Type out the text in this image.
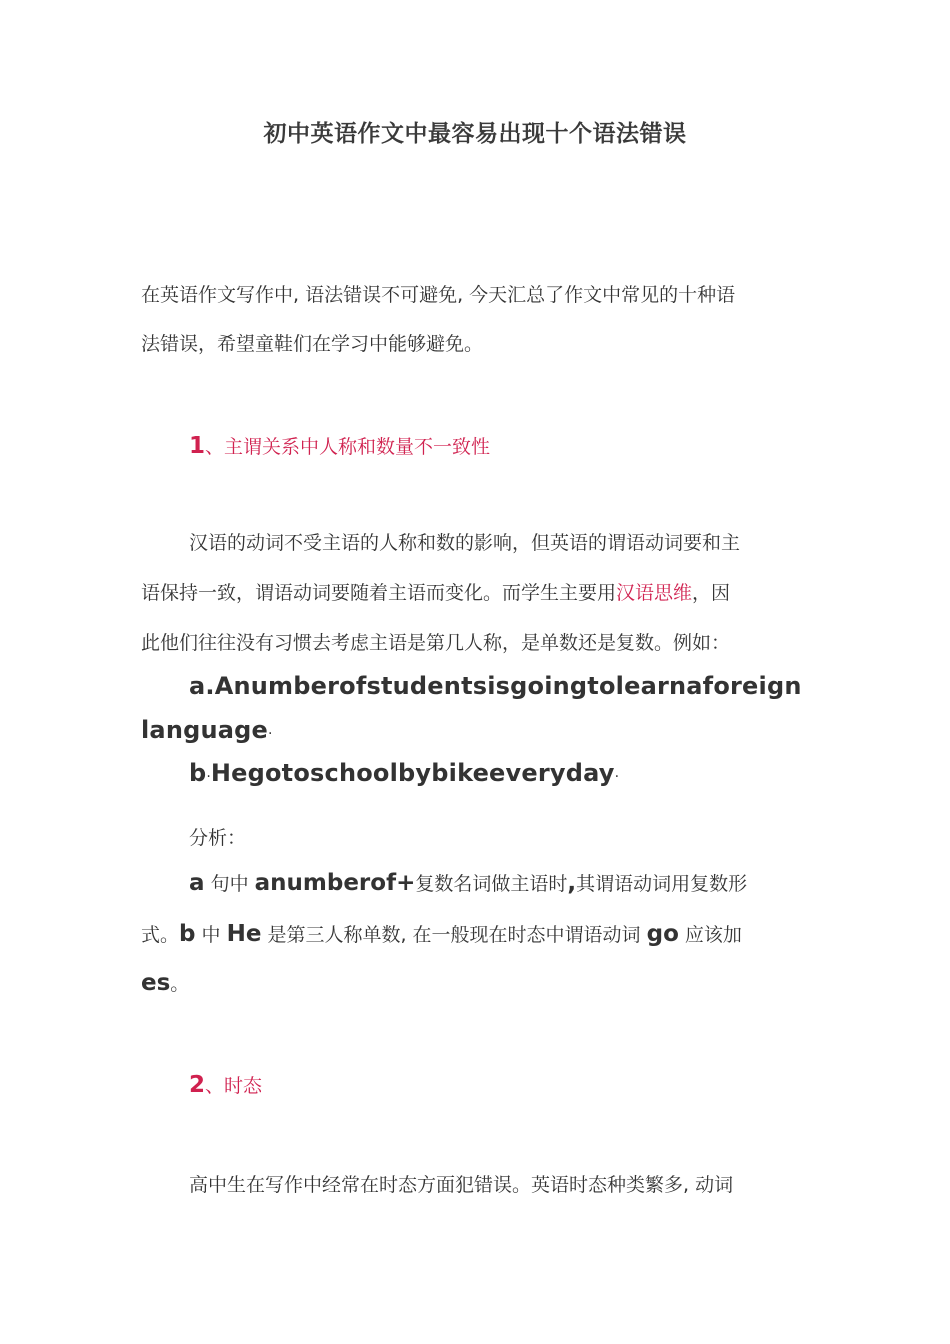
初中英语作文中最容易出现十个语法错误
在英语作文写作中, 语法错误不可避免, 今天汇总了作文中常见的十种语
法错误，希望童鞋们在学习中能够避免。
1、主谓关系中人称和数量不一致性
汉语的动词不受主语的人称和数的影响，但英语的谓语动词要和主
语保持一致，谓语动词要随着主语而变化。而学生主要用汉语思维，因
此他们往往没有习惯去考虑主语是第几人称，是单数还是复数。例如：
a.Anumberofstudentsisgoingtolearnaforeign
language·
b·Hegotoschoolbybikeeveryday·
分析：
a 句中 anumberof+复数名词做主语时,其谓语动词用复数形
式。b 中 He 是第三人称单数, 在一般现在时态中谓语动词 go 应该加
es。
2、时态
高中生在写作中经常在时态方面犯错误。英语时态种类繁多, 动词
